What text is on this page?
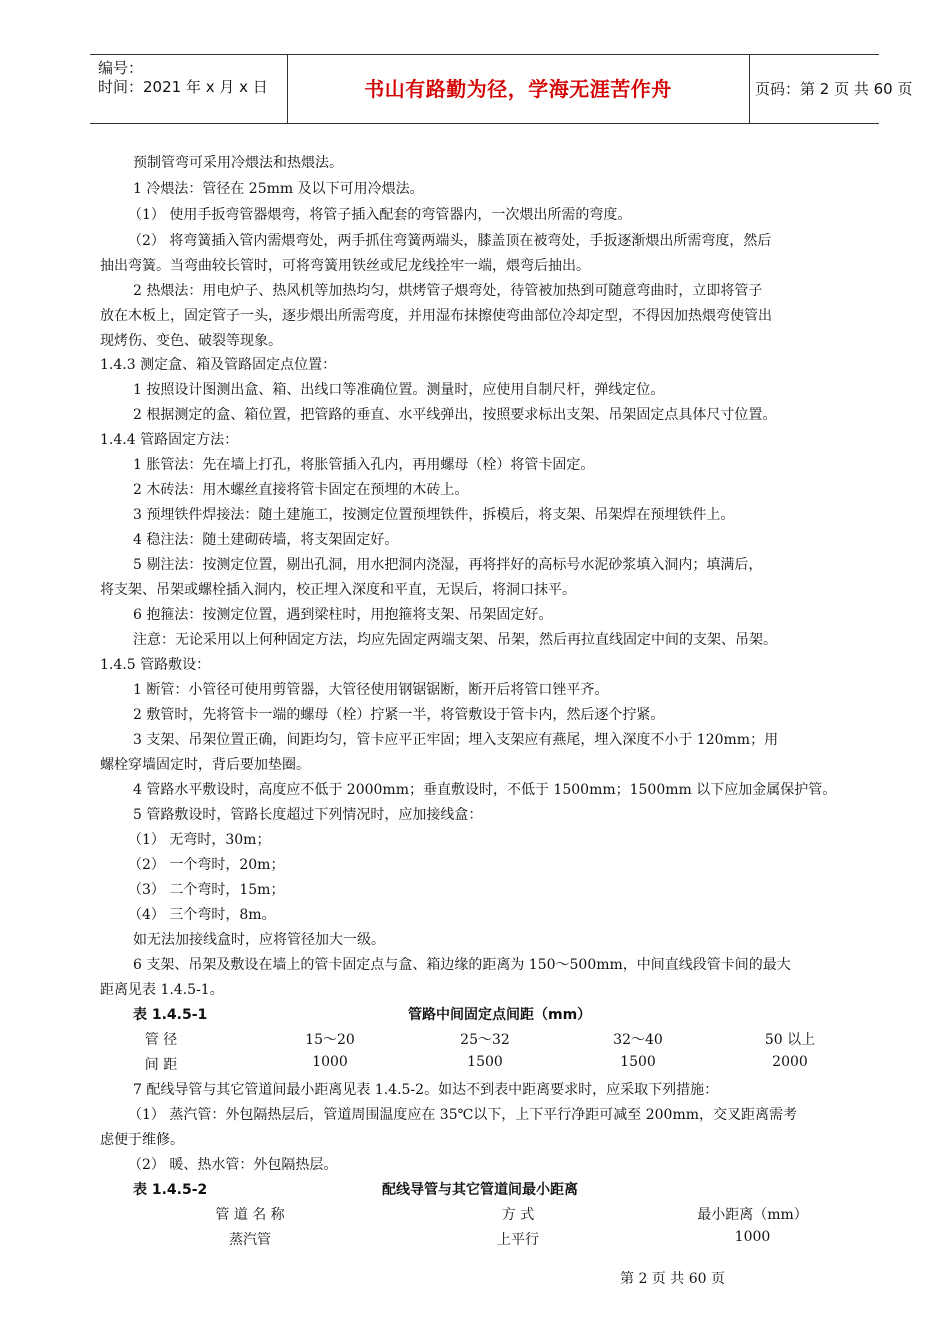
编号：
时间：2021 年 x 月 x 日	书山有路勤为径，学海无涯苦作舟	页码：第 2 页 共 60 页
预制管弯可采用冷煨法和热煨法。
1 冷煨法：管径在 25mm 及以下可用冷煨法。
（1） 使用手扳弯管器煨弯，将管子插入配套的弯管器内，一次煨出所需的弯度。
（2） 将弯簧插入管内需煨弯处，两手抓住弯簧两端头，膝盖顶在被弯处，手扳逐渐煨出所需弯度，然后
抽出弯簧。当弯曲较长管时，可将弯簧用铁丝或尼龙线拴牢一端，煨弯后抽出。
2 热煨法：用电炉子、热风机等加热均匀，烘烤管子煨弯处，待管被加热到可随意弯曲时，立即将管子
放在木板上，固定管子一头，逐步煨出所需弯度，并用湿布抹擦使弯曲部位冷却定型，不得因加热煨弯使管出
现烤伤、变色、破裂等现象。
1.4.3 测定盒、箱及管路固定点位置：
1 按照设计图测出盒、箱、出线口等准确位置。测量时，应使用自制尺杆，弹线定位。
2 根据测定的盒、箱位置，把管路的垂直、水平线弹出，按照要求标出支架、吊架固定点具体尺寸位置。
1.4.4 管路固定方法：
1 胀管法：先在墙上打孔，将胀管插入孔内，再用螺母（栓）将管卡固定。
2 木砖法：用木螺丝直接将管卡固定在预埋的木砖上。
3 预埋铁件焊接法：随土建施工，按测定位置预埋铁件，拆模后，将支架、吊架焊在预埋铁件上。
4 稳注法：随土建砌砖墙，将支架固定好。
5 剔注法：按测定位置，剔出孔洞，用水把洞内浇湿，再将拌好的高标号水泥砂浆填入洞内；填满后，
将支架、吊架或螺栓插入洞内，校正埋入深度和平直，无误后，将洞口抹平。
6 抱箍法：按测定位置，遇到梁柱时，用抱箍将支架、吊架固定好。
注意：无论采用以上何种固定方法，均应先固定两端支架、吊架，然后再拉直线固定中间的支架、吊架。
1.4.5 管路敷设：
1 断管：小管径可使用剪管器，大管径使用钢锯锯断，断开后将管口锉平齐。
2 敷管时，先将管卡一端的螺母（栓）拧紧一半，将管敷设于管卡内，然后逐个拧紧。
3 支架、吊架位置正确，间距均匀，管卡应平正牢固；埋入支架应有燕尾，埋入深度不小于 120mm；用
螺栓穿墙固定时，背后要加垫圈。
4 管路水平敷设时，高度应不低于 2000mm；垂直敷设时，不低于 1500mm；1500mm 以下应加金属保护管。
5 管路敷设时，管路长度超过下列情况时，应加接线盒：
（1） 无弯时，30m；
（2） 一个弯时，20m；
（3） 二个弯时，15m；
（4） 三个弯时，8m。
如无法加接线盒时，应将管径加大一级。
6 支架、吊架及敷设在墙上的管卡固定点与盒、箱边缘的距离为 150～500mm，中间直线段管卡间的最大
距离见表 1.4.5-1。
表 1.4.5-1	管路中间固定点间距（mm）
管 径	15～20	25～32	32～40	50 以上
间 距	1000	1500	1500	2000
7 配线导管与其它管道间最小距离见表 1.4.5-2。如达不到表中距离要求时，应采取下列措施：
（1） 蒸汽管：外包隔热层后，管道周围温度应在 35℃以下，上下平行净距可减至 200mm，交叉距离需考
虑便于维修。
（2） 暖、热水管：外包隔热层。
表 1.4.5-2	配线导管与其它管道间最小距离
管 道 名 称	方 式	最小距离（mm）
蒸汽管	上平行	1000
第 2 页 共 60 页
